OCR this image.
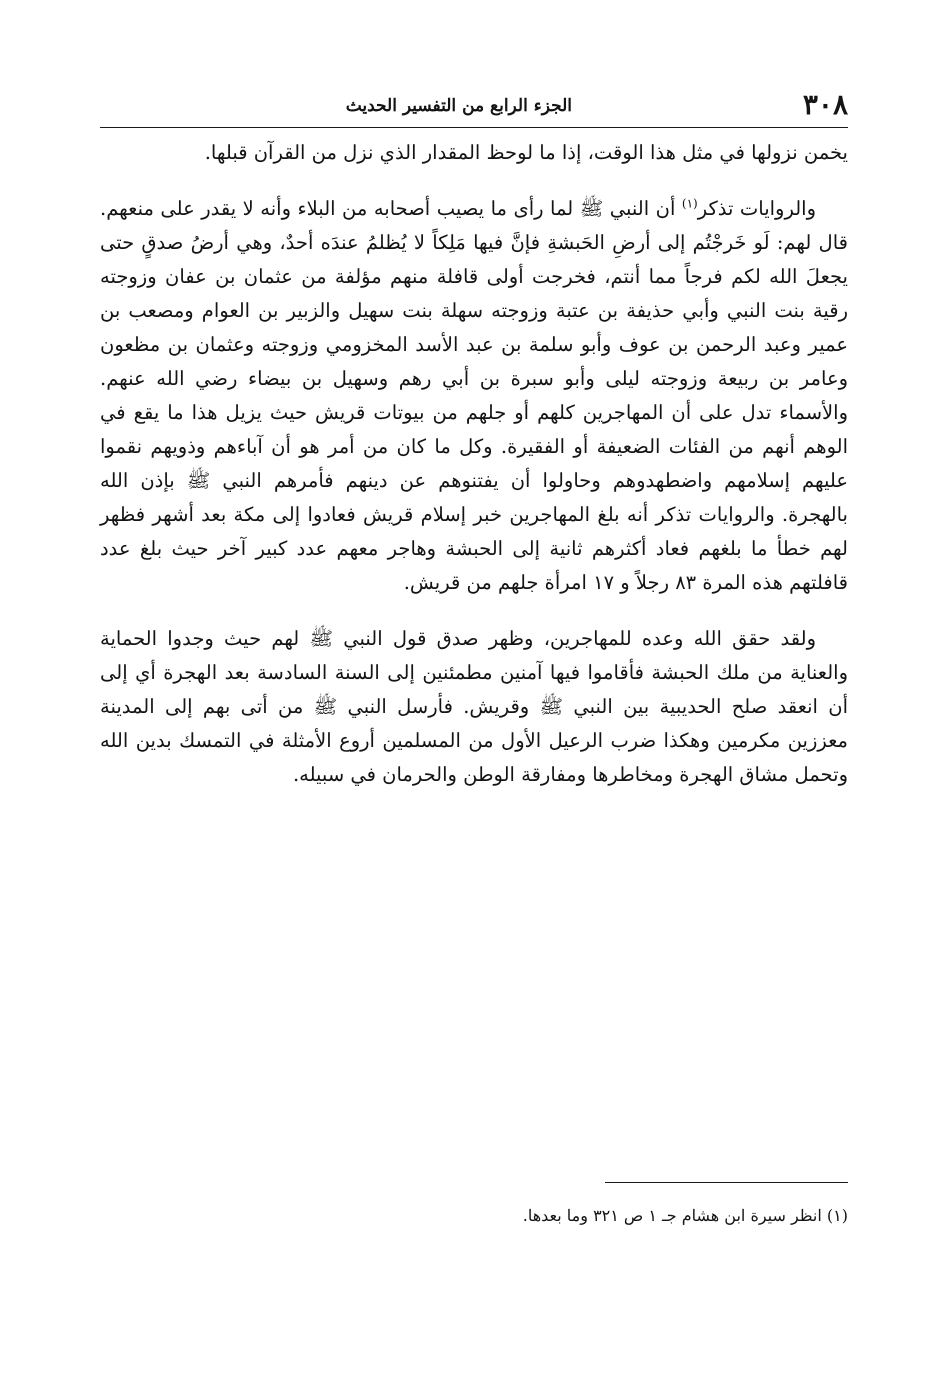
٣٠٨
الجزء الرابع من التفسير الحديث

يخمن نزولها في مثل هذا الوقت، إذا ما لوحظ المقدار الذي نزل من القرآن قبلها.

والروايات تذكر$^{(١)}$ أن النبي ﷺ لما رأى ما يصيب أصحابه من البلاء وأنه لا يقدر على منعهم. قال لهم: لَو خَرجْتُم إلى أرضِ الحَبشةِ فإنَّ فيها مَلِكاً لا يُظلمُ عندَه أحدٌ، وهي أرضُ صدقٍ حتى يجعلَ الله لكم فرجاً مما أنتم، فخرجت أولى قافلة منهم مؤلفة من عثمان بن عفان وزوجته رقية بنت النبي وأبي حذيفة بن عتبة وزوجته سهلة بنت سهيل والزبير بن العوام ومصعب بن عمير وعبد الرحمن بن عوف وأبو سلمة بن عبد الأسد المخزومي وزوجته وعثمان بن مظعون وعامر بن ربيعة وزوجته ليلى وأبو سبرة بن أبي رهم وسهيل بن بيضاء رضي الله عنهم. والأسماء تدل على أن المهاجرين كلهم أو جلهم من بيوتات قريش حيث يزيل هذا ما يقع في الوهم أنهم من الفئات الضعيفة أو الفقيرة. وكل ما كان من أمر هو أن آباءهم وذويهم نقموا عليهم إسلامهم واضطهدوهم وحاولوا أن يفتنوهم عن دينهم فأمرهم النبي ﷺ بإذن الله بالهجرة. والروايات تذكر أنه بلغ المهاجرين خبر إسلام قريش فعادوا إلى مكة بعد أشهر فظهر لهم خطأ ما بلغهم فعاد أكثرهم ثانية إلى الحبشة وهاجر معهم عدد كبير آخر حيث بلغ عدد قافلتهم هذه المرة ٨٣ رجلاً و ١٧ امرأة جلهم من قريش.

ولقد حقق الله وعده للمهاجرين، وظهر صدق قول النبي ﷺ لهم حيث وجدوا الحماية والعناية من ملك الحبشة فأقاموا فيها آمنين مطمئنين إلى السنة السادسة بعد الهجرة أي إلى أن انعقد صلح الحديبية بين النبي ﷺ وقريش. فأرسل النبي ﷺ من أتى بهم إلى المدينة معززين مكرمين وهكذا ضرب الرعيل الأول من المسلمين أروع الأمثلة في التمسك بدين الله وتحمل مشاق الهجرة ومخاطرها ومفارقة الوطن والحرمان في سبيله.

(١) انظر سيرة ابن هشام جـ ١ ص ٣٢١ وما بعدها.
